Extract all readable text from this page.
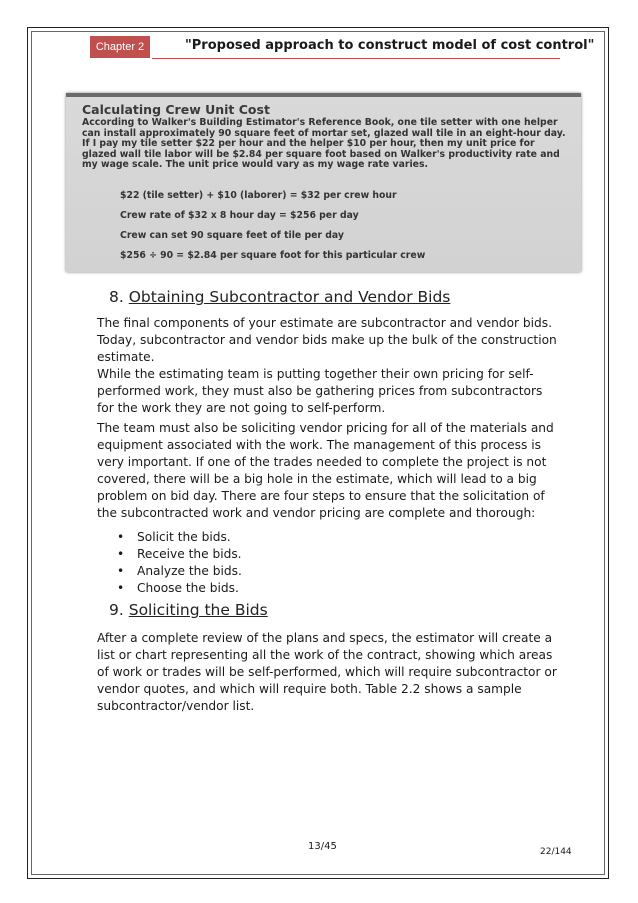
Chapter 2	"Proposed approach to construct model of cost control"
Calculating Crew Unit Cost
According to Walker's Building Estimator's Reference Book, one tile setter with one helper can install approximately 90 square feet of mortar set, glazed wall tile in an eight-hour day. If I pay my tile setter $22 per hour and the helper $10 per hour, then my unit price for glazed wall tile labor will be $2.84 per square foot based on Walker's productivity rate and my wage scale. The unit price would vary as my wage rate varies.
$22 (tile setter) + $10 (laborer) = $32 per crew hour
Crew rate of $32 x 8 hour day = $256 per day
Crew can set 90 square feet of tile per day
$256 ÷ 90 = $2.84 per square foot for this particular crew
8. Obtaining Subcontractor and Vendor Bids
The final components of your estimate are subcontractor and vendor bids. Today, subcontractor and vendor bids make up the bulk of the construction estimate.
While the estimating team is putting together their own pricing for self-performed work, they must also be gathering prices from subcontractors for the work they are not going to self-perform.
The team must also be soliciting vendor pricing for all of the materials and equipment associated with the work. The management of this process is very important. If one of the trades needed to complete the project is not covered, there will be a big hole in the estimate, which will lead to a big problem on bid day. There are four steps to ensure that the solicitation of the subcontracted work and vendor pricing are complete and thorough:
• Solicit the bids.
• Receive the bids.
• Analyze the bids.
• Choose the bids.
9. Soliciting the Bids
After a complete review of the plans and specs, the estimator will create a list or chart representing all the work of the contract, showing which areas of work or trades will be self-performed, which will require subcontractor or vendor quotes, and which will require both. Table 2.2 shows a sample subcontractor/vendor list.
13/45	22/144
